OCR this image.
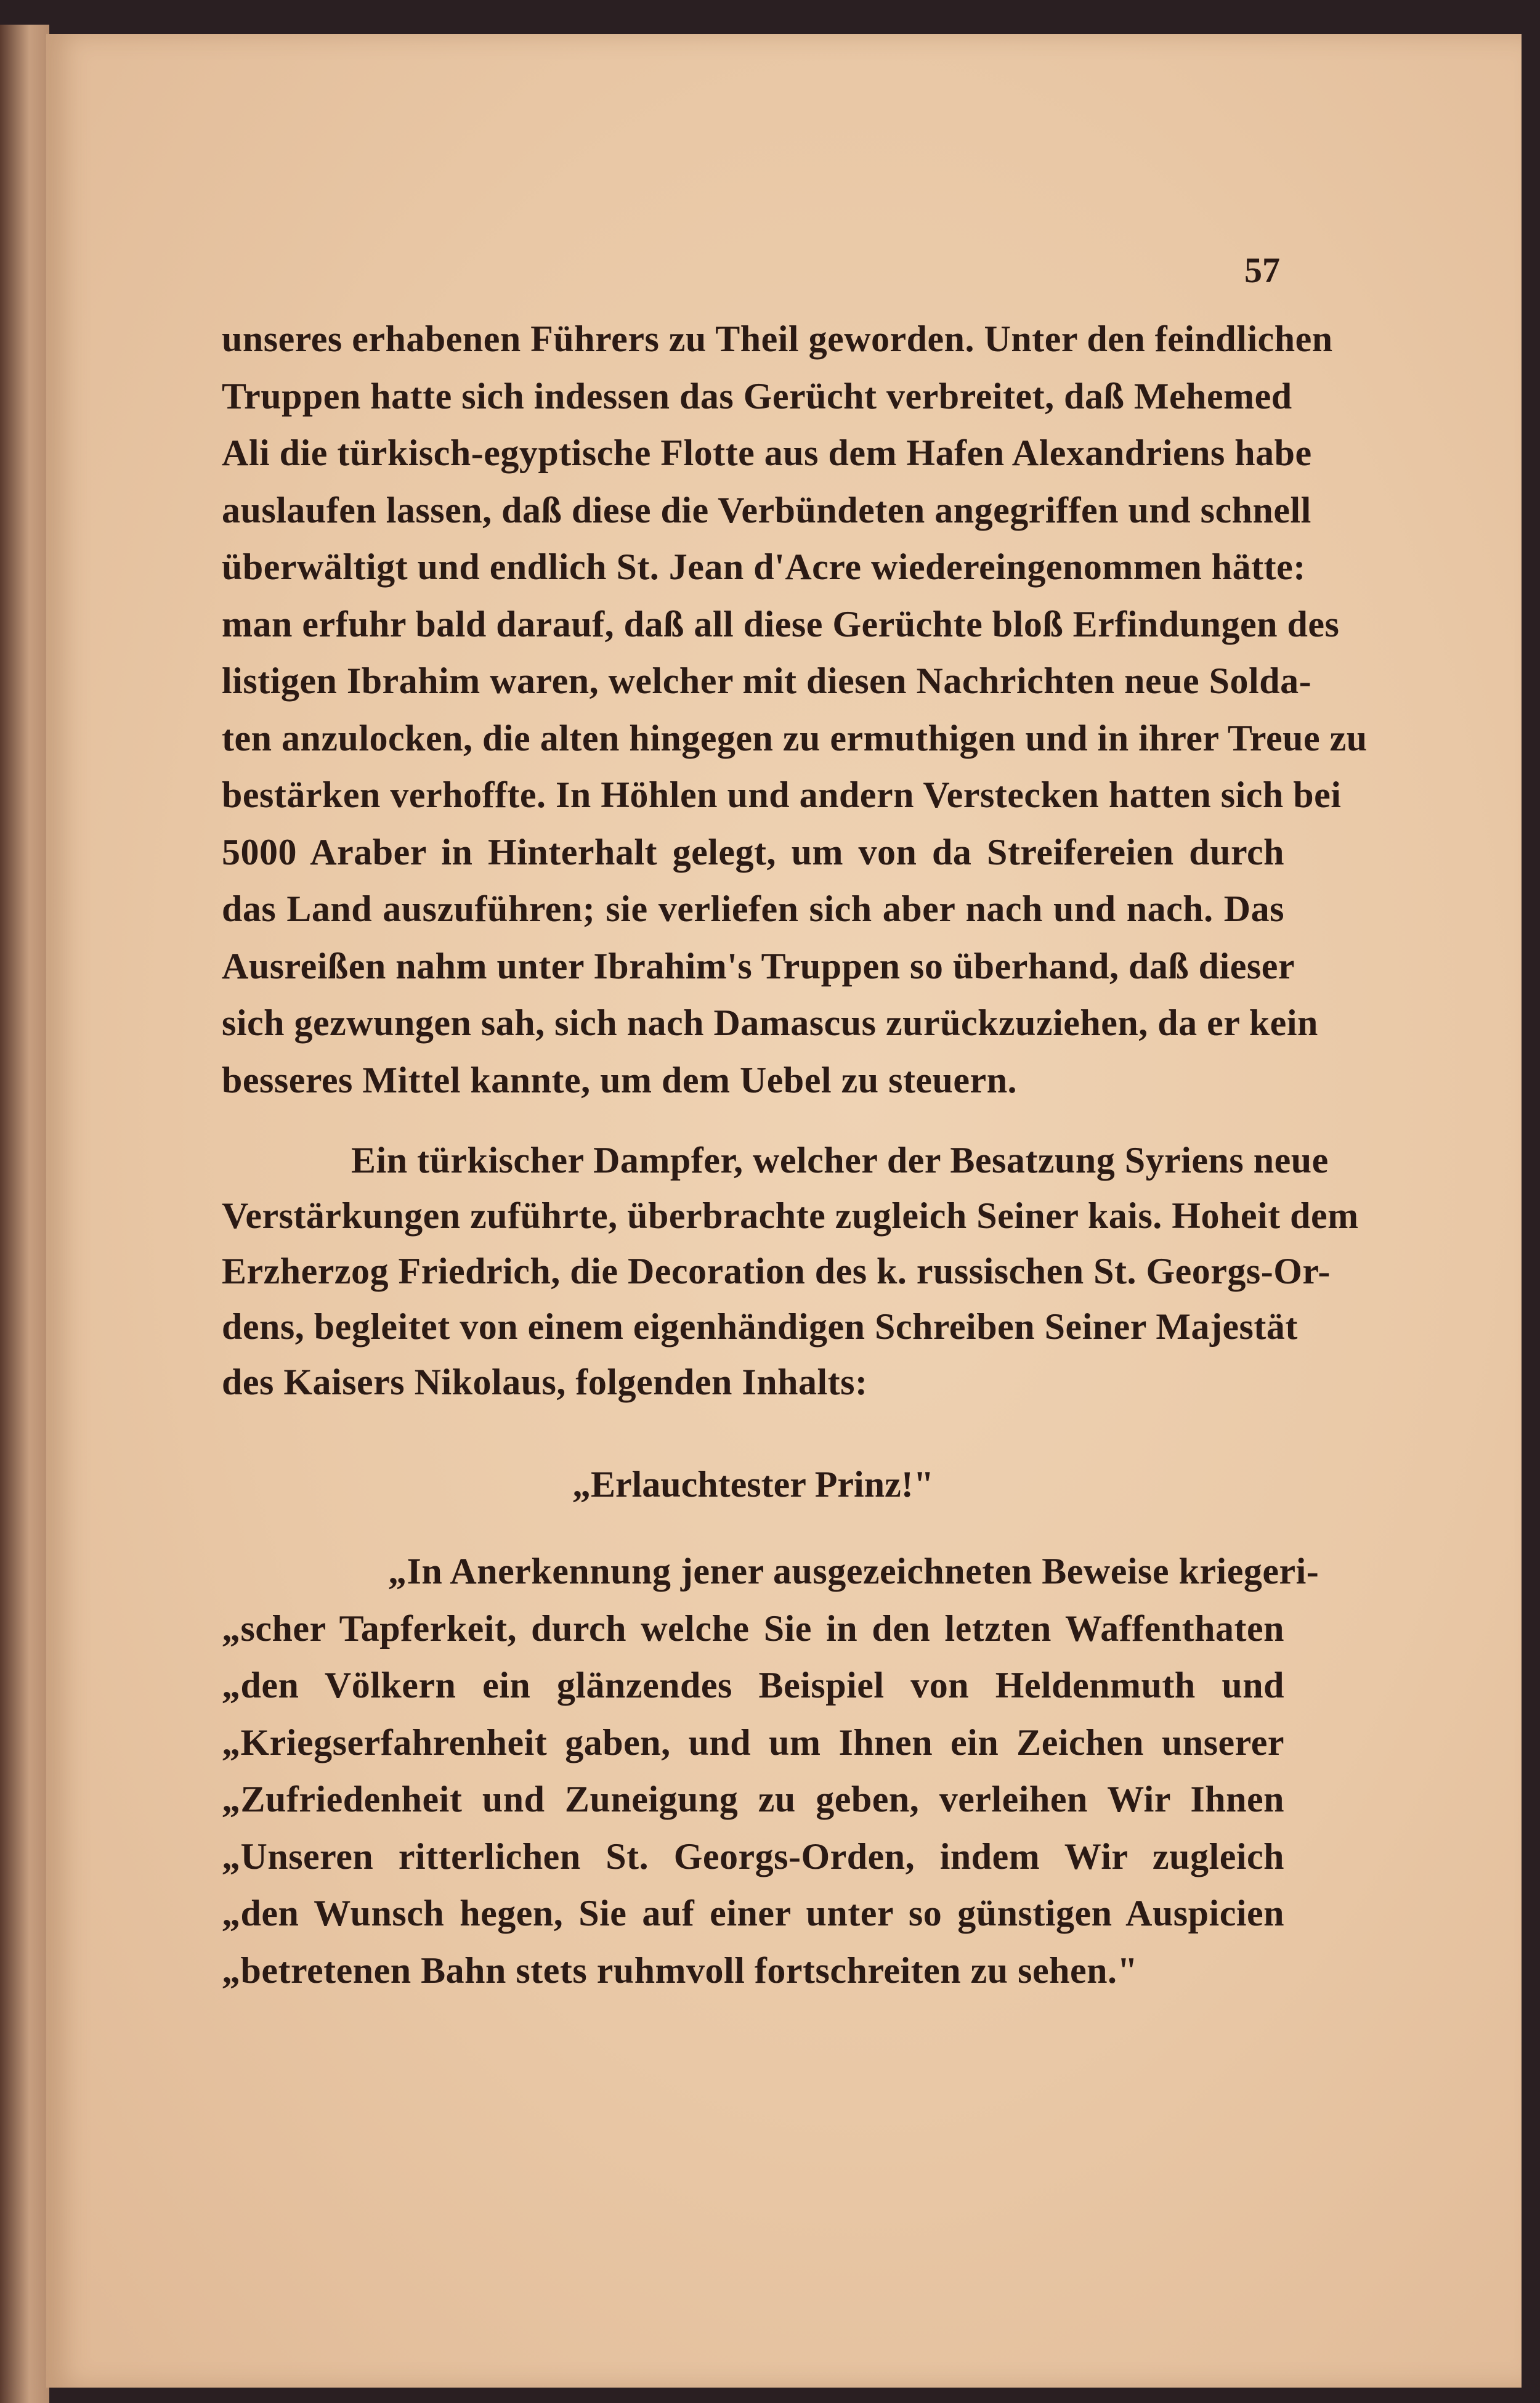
57
unseres erhabenen Führers zu Theil geworden. Unter den feindlichen
Truppen hatte sich indessen das Gerücht verbreitet, daß Mehemed
Ali die türkisch-egyptische Flotte aus dem Hafen Alexandriens habe
auslaufen lassen, daß diese die Verbündeten angegriffen und schnell
überwältigt und endlich St. Jean d'Acre wiedereingenommen hätte:
man erfuhr bald darauf, daß all diese Gerüchte bloß Erfindungen des
listigen Ibrahim waren, welcher mit diesen Nachrichten neue Solda-
ten anzulocken, die alten hingegen zu ermuthigen und in ihrer Treue zu
bestärken verhoffte. In Höhlen und andern Verstecken hatten sich bei
5000 Araber in Hinterhalt gelegt, um von da Streifereien durch
das Land auszuführen; sie verliefen sich aber nach und nach. Das
Ausreißen nahm unter Ibrahim's Truppen so überhand, daß dieser
sich gezwungen sah, sich nach Damascus zurückzuziehen, da er kein
besseres Mittel kannte, um dem Uebel zu steuern.
Ein türkischer Dampfer, welcher der Besatzung Syriens neue
Verstärkungen zuführte, überbrachte zugleich Seiner kais. Hoheit dem
Erzherzog Friedrich, die Decoration des k. russischen St. Georgs-Or-
dens, begleitet von einem eigenhändigen Schreiben Seiner Majestät
des Kaisers Nikolaus, folgenden Inhalts:
„Erlauchtester Prinz!"
„In Anerkennung jener ausgezeichneten Beweise kriegeri-
„scher Tapferkeit, durch welche Sie in den letzten Waffenthaten
„den Völkern ein glänzendes Beispiel von Heldenmuth und
„Kriegserfahrenheit gaben, und um Ihnen ein Zeichen unserer
„Zufriedenheit und Zuneigung zu geben, verleihen Wir Ihnen
„Unseren ritterlichen St. Georgs-Orden, indem Wir zugleich
„den Wunsch hegen, Sie auf einer unter so günstigen Auspicien
„betretenen Bahn stets ruhmvoll fortschreiten zu sehen."
